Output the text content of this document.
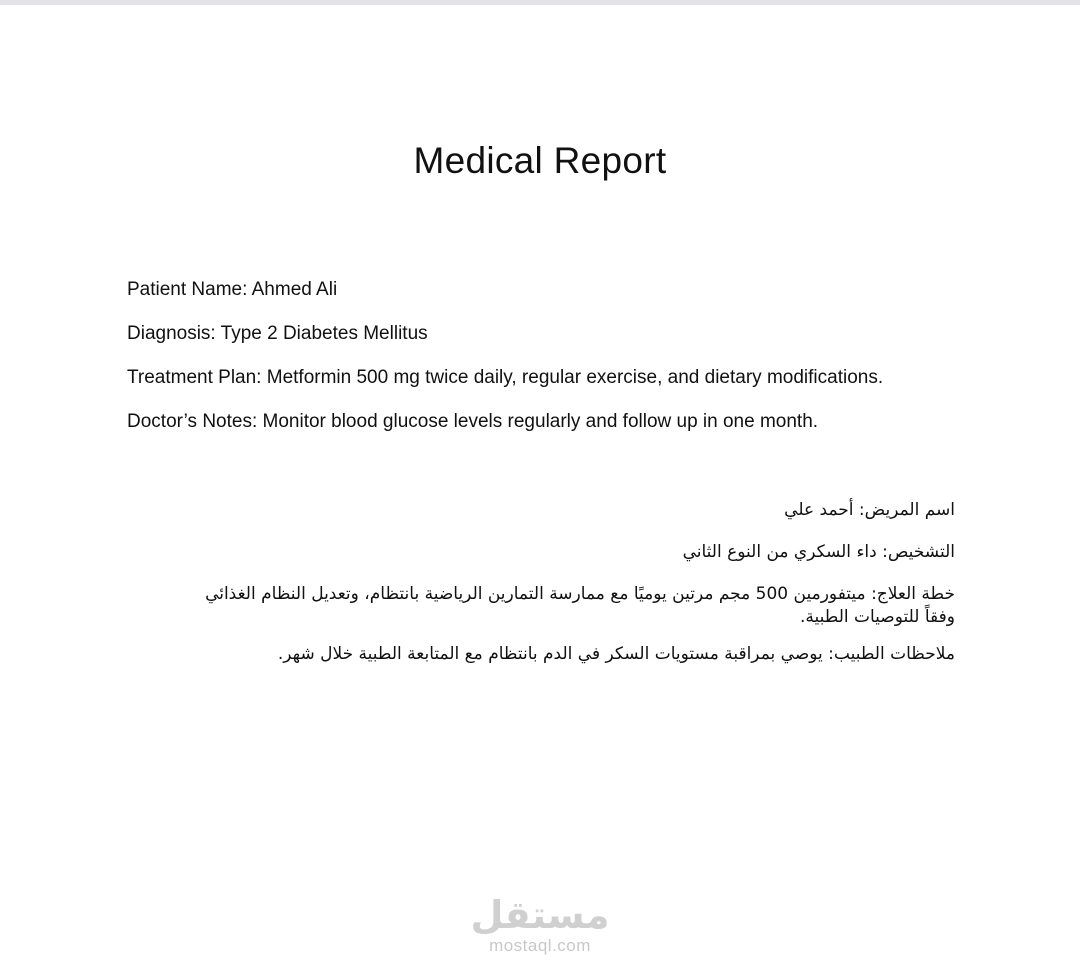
Medical Report

Patient Name: Ahmed Ali

Diagnosis: Type 2 Diabetes Mellitus

Treatment Plan: Metformin 500 mg twice daily, regular exercise, and dietary modifications.

Doctor’s Notes: Monitor blood glucose levels regularly and follow up in one month.

اسم المريض: أحمد علي

التشخيص: داء السكري من النوع الثاني

خطة العلاج: ميتفورمين 500 مجم مرتين يوميًا مع ممارسة التمارين الرياضية بانتظام، وتعديل النظام الغذائي وفقاً للتوصيات الطبية.

ملاحظات الطبيب: يوصي بمراقبة مستويات السكر في الدم بانتظام مع المتابعة الطبية خلال شهر.

مستقل
mostaql.com
